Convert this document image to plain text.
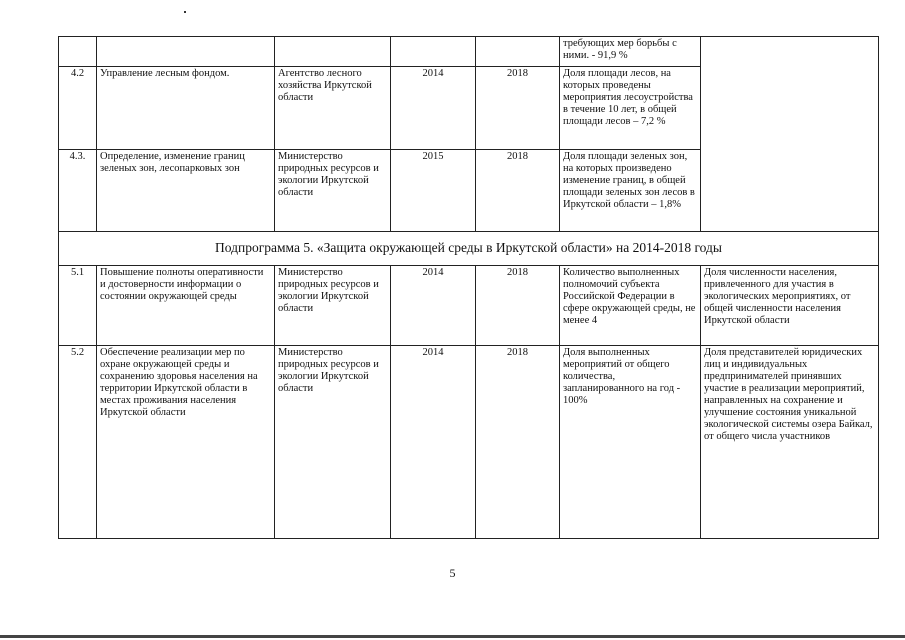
					требующих мер борьбы с ними. - 91,9 %	
4.2	Управление лесным фондом.	Агентство лесного хозяйства Иркутской области	2014	2018	Доля площади лесов, на которых проведены мероприятия лесоустройства в течение 10 лет, в общей площади лесов – 7,2 %	
4.3.	Определение, изменение границ зеленых зон, лесопарковых зон	Министерство природных ресурсов и экологии Иркутской области	2015	2018	Доля площади зеленых зон, на которых произведено изменение границ, в общей площади зеленых зон лесов в Иркутской области – 1,8%	
Подпрограмма 5. «Защита окружающей среды в Иркутской области» на 2014-2018 годы						
5.1	Повышение полноты оперативности и достоверности информации о состоянии окружающей среды	Министерство природных ресурсов и экологии Иркутской области	2014	2018	Количество выполненных полномочий субъекта Российской Федерации в сфере окружающей среды, не менее 4	Доля численности населения, привлеченного для участия в экологических мероприятиях, от общей численности населения Иркутской области
5.2	Обеспечение реализации мер по охране окружающей среды и сохранению здоровья населения на территории Иркутской области в местах проживания населения Иркутской области	Министерство природных ресурсов и экологии Иркутской области	2014	2018	Доля выполненных мероприятий от общего количества, запланированного на год - 100%	Доля представителей юридических лиц и индивидуальных предпринимателей принявших участие в реализации мероприятий, направленных на сохранение и улучшение состояния уникальной экологической системы озера Байкал, от общего числа участников
5
